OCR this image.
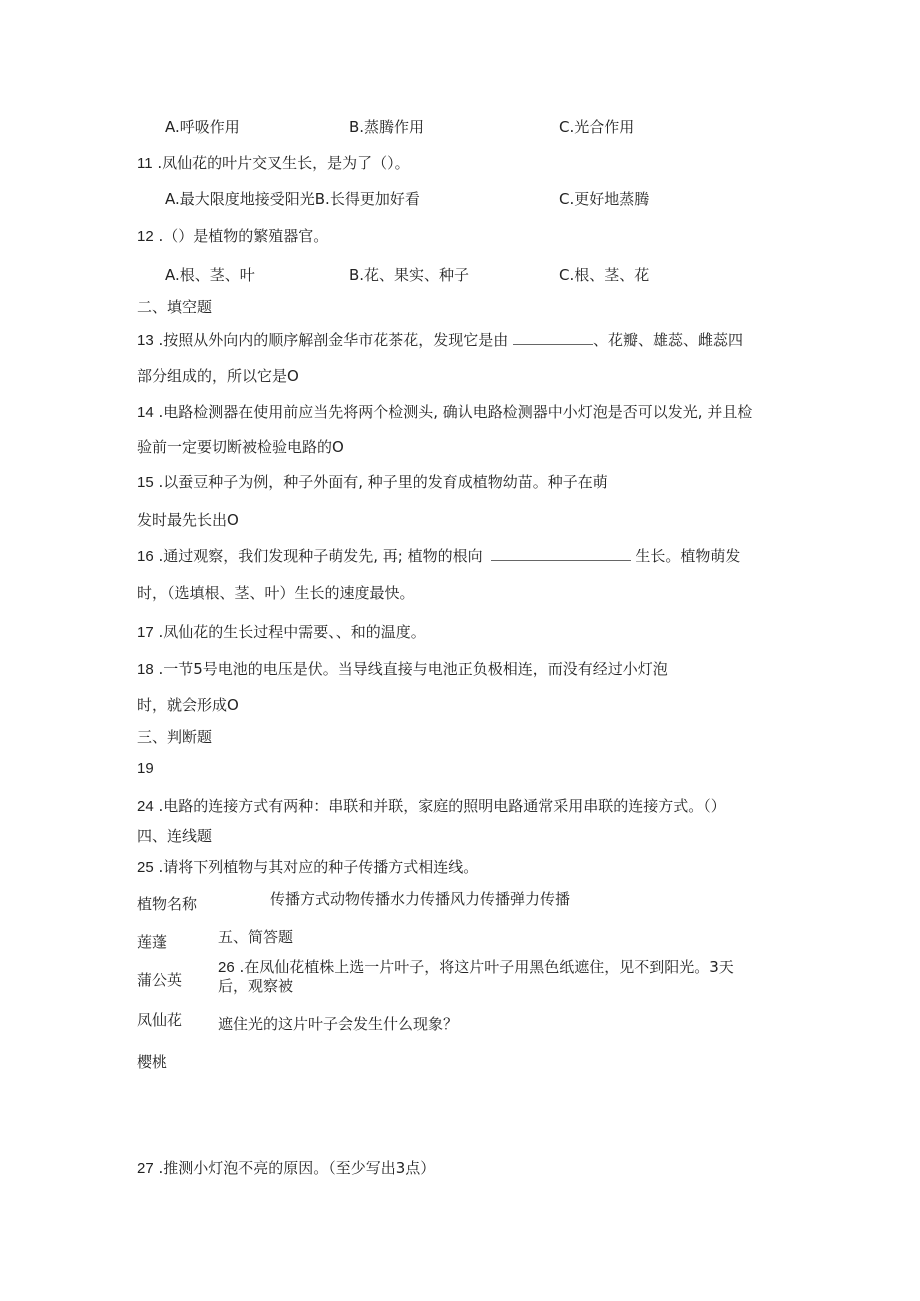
A.呼吸作用	B.蒸腾作用	C.光合作用
11 .凤仙花的叶片交叉生长，是为了（）。
A.最大限度地接受阳光B.长得更加好看	C.更好地蒸腾
12 .（）是植物的繁殖器官。
A.根、茎、叶	B.花、果实、种子	C.根、茎、花
二、填空题
13 .按照从外向内的顺序解剖金华市花茶花，发现它是由	、花瓣、雄蕊、雌蕊四
部分组成的，所以它是O
14 .电路检测器在使用前应当先将两个检测头, 确认电路检测器中小灯泡是否可以发光, 并且检
验前一定要切断被检验电路的O
15 .以蚕豆种子为例，种子外面有, 种子里的发育成植物幼苗。种子在萌
发时最先长出O
16 .通过观察，我们发现种子萌发先, 再; 植物的根向	生长。植物萌发
时，（选填根、茎、叶）生长的速度最快。
17 .凤仙花的生长过程中需要、、和的温度。
18 .一节5号电池的电压是伏。当导线直接与电池正负极相连，而没有经过小灯泡
时，就会形成O
三、判断题
19
24 .电路的连接方式有两种：串联和并联，家庭的照明电路通常采用串联的连接方式。（）
四、连线题
25 .请将下列植物与其对应的种子传播方式相连线。
植物名称	传播方式动物传播水力传播风力传播弹力传播
莲蓬
蒲公英
凤仙花
樱桃
五、简答题
26 .在凤仙花植株上选一片叶子，将这片叶子用黑色纸遮住，见不到阳光。3天
后，观察被
遮住光的这片叶子会发生什么现象？
27 .推测小灯泡不亮的原因。（至少写出3点）
